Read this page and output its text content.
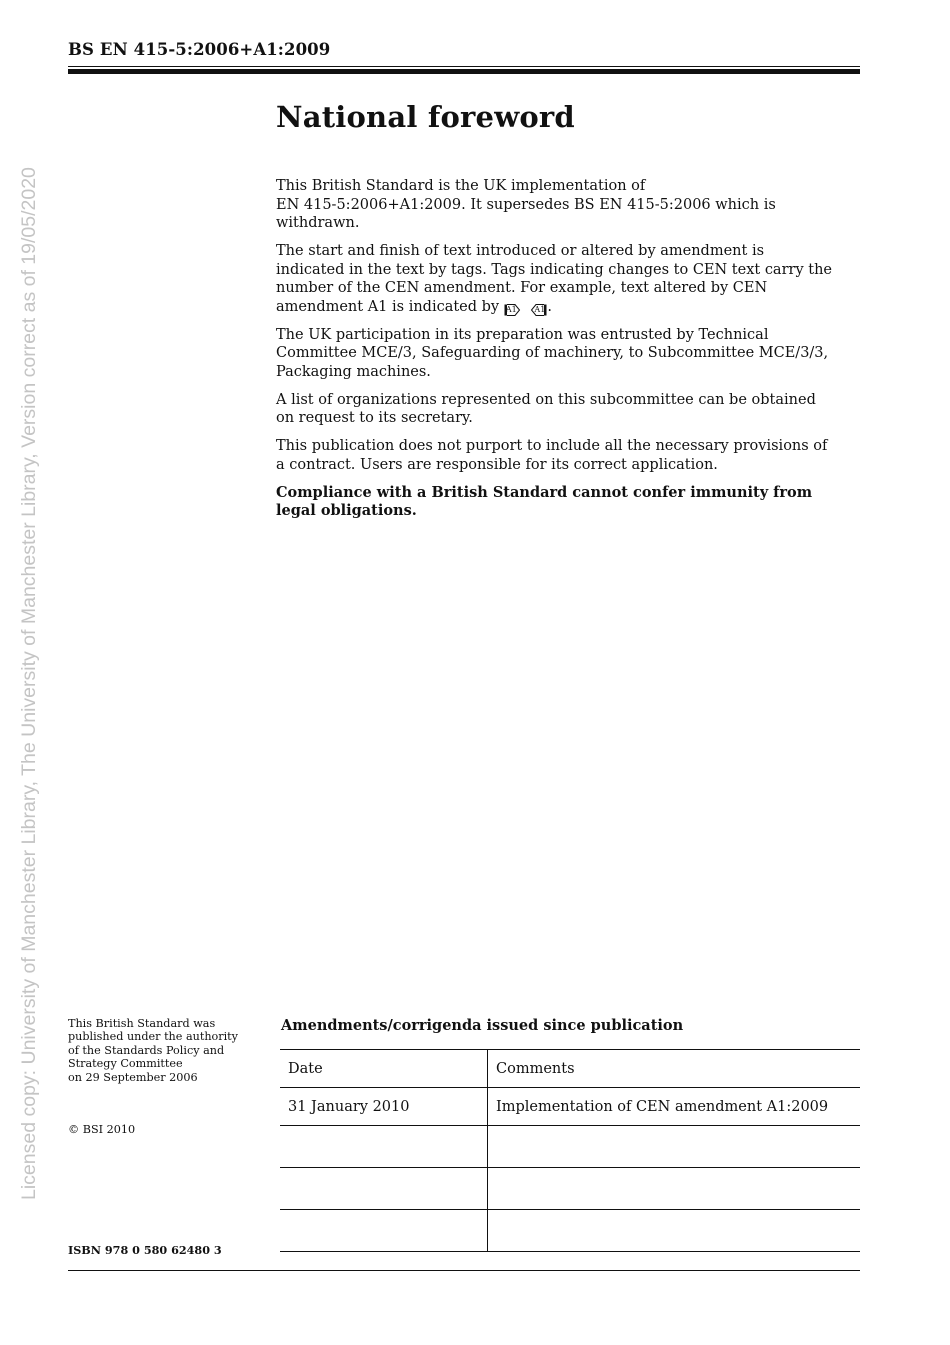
BS EN 415-5:2006+A1:2009
Licensed copy: University of Manchester Library, The University of Manchester Library, Version correct as of 19/05/2020
National foreword

This British Standard is the UK implementation of
EN 415-5:2006+A1:2009. It supersedes BS EN 415-5:2006 which is withdrawn.

The start and finish of text introduced or altered by amendment is indicated in the text by tags. Tags indicating changes to CEN text carry the number of the CEN amendment. For example, text altered by CEN amendment A1 is indicated by A1 A1 .

The UK participation in its preparation was entrusted by Technical Committee MCE/3, Safeguarding of machinery, to Subcommittee MCE/3/3, Packaging machines.

A list of organizations represented on this subcommittee can be obtained on request to its secretary.

This publication does not purport to include all the necessary provisions of a contract. Users are responsible for its correct application.

Compliance with a British Standard cannot confer immunity from legal obligations.

This British Standard was
published under the authority
of the Standards Policy and
Strategy Committee
on 29 September 2006
© BSI 2010
ISBN 978 0 580 62480 3
Amendments/corrigenda issued since publication
Date	Comments
31 January 2010	Implementation of CEN amendment A1:2009
